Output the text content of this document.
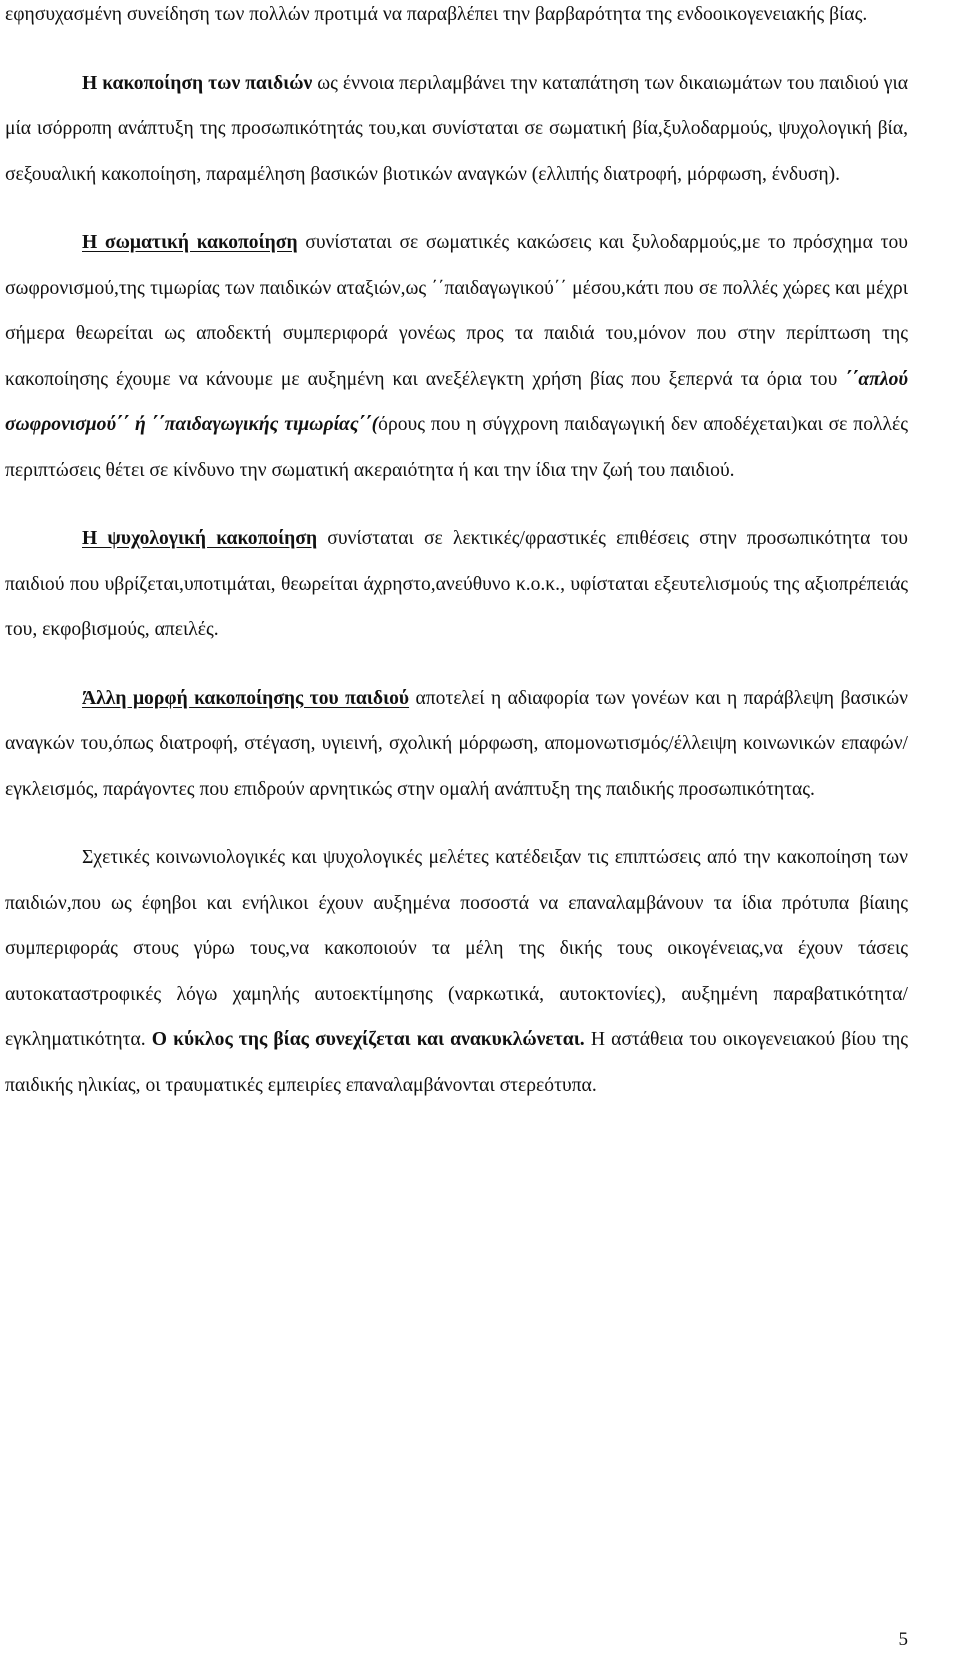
εφησυχασμένη συνείδηση των πολλών προτιμά να παραβλέπει την βαρβαρότητα της ενδοοικογενειακής βίας.

Η κακοποίηση των παιδιών ως έννοια περιλαμβάνει την καταπάτηση των δικαιωμάτων του παιδιού για μία ισόρροπη ανάπτυξη της προσωπικότητάς του,και συνίσταται σε σωματική βία,ξυλοδαρμούς, ψυχολογική βία, σεξουαλική κακοποίηση, παραμέληση βασικών βιοτικών αναγκών (ελλιπής διατροφή, μόρφωση, ένδυση).

Η σωματική κακοποίηση συνίσταται σε σωματικές κακώσεις και ξυλοδαρμούς,με το πρόσχημα του σωφρονισμού,της τιμωρίας των παιδικών αταξιών,ως ΄΄παιδαγωγικού΄΄ μέσου,κάτι που σε πολλές χώρες και μέχρι σήμερα θεωρείται ως αποδεκτή συμπεριφορά γονέως προς τα παιδιά του,μόνον που στην περίπτωση της κακοποίησης έχουμε να κάνουμε με αυξημένη και ανεξέλεγκτη χρήση βίας που ξεπερνά τα όρια του ΄΄απλού σωφρονισμού΄΄ ή ΄΄παιδαγωγικής τιμωρίας΄΄(όρους που η σύγχρονη παιδαγωγική δεν αποδέχεται)και σε πολλές περιπτώσεις θέτει σε κίνδυνο την σωματική ακεραιότητα ή και την ίδια την ζωή του παιδιού.

Η ψυχολογική κακοποίηση συνίσταται σε λεκτικές/φραστικές επιθέσεις στην προσωπικότητα του παιδιού που υβρίζεται,υποτιμάται, θεωρείται άχρηστο,ανεύθυνο κ.ο.κ., υφίσταται εξευτελισμούς της αξιοπρέπειάς του, εκφοβισμούς, απειλές.

Άλλη μορφή κακοποίησης του παιδιού αποτελεί η αδιαφορία των γονέων και η παράβλεψη βασικών αναγκών του,όπως διατροφή, στέγαση, υγιεινή, σχολική μόρφωση, απομονωτισμός/έλλειψη κοινωνικών επαφών/ εγκλεισμός, παράγοντες που επιδρούν αρνητικώς στην ομαλή ανάπτυξη της παιδικής προσωπικότητας.

Σχετικές κοινωνιολογικές και ψυχολογικές μελέτες κατέδειξαν τις επιπτώσεις από την κακοποίηση των παιδιών,που ως έφηβοι και ενήλικοι έχουν αυξημένα ποσοστά να επαναλαμβάνουν τα ίδια πρότυπα βίαιης συμπεριφοράς στους γύρω τους,να κακοποιούν τα μέλη της δικής τους οικογένειας,να έχουν τάσεις αυτοκαταστροφικές λόγω χαμηλής αυτοεκτίμησης (ναρκωτικά, αυτοκτονίες), αυξημένη παραβατικότητα/εγκληματικότητα. Ο κύκλος της βίας συνεχίζεται και ανακυκλώνεται. Η αστάθεια του οικογενειακού βίου της παιδικής ηλικίας, οι τραυματικές εμπειρίες επαναλαμβάνονται στερεότυπα.

5
